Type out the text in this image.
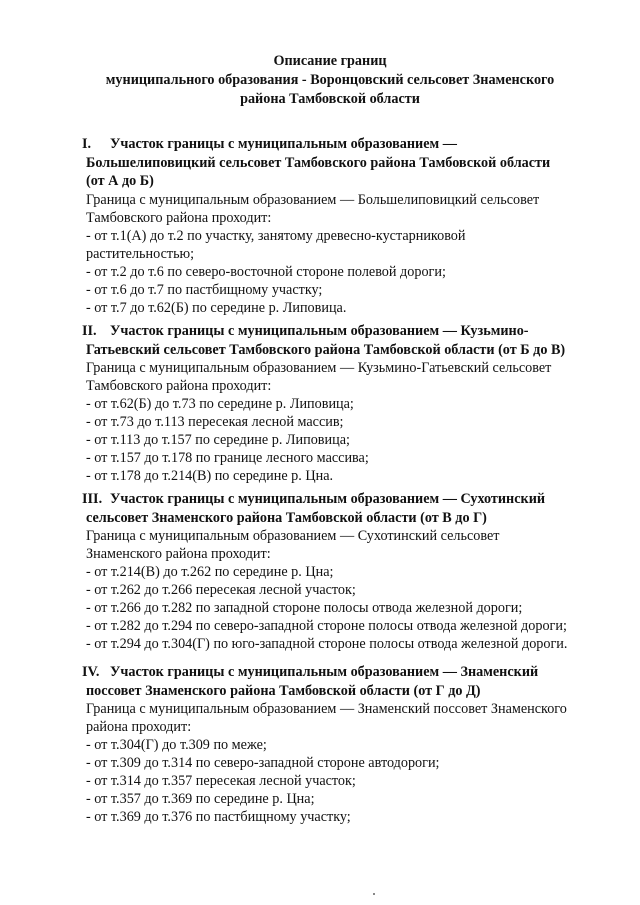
Описание границ
муниципального образования - Воронцовский сельсовет Знаменского
района Тамбовской области
I. Участок границы с муниципальным образованием —
Большелиповицкий сельсовет Тамбовского района Тамбовской области
(от А до Б)
Граница с муниципальным образованием — Большелиповицкий сельсовет
Тамбовского района проходит:
- от т.1(А) до т.2 по участку, занятому древесно-кустарниковой
растительностью;
- от т.2 до т.6 по северо-восточной стороне полевой дороги;
- от т.6 до т.7 по пастбищному участку;
- от т.7 до т.62(Б) по середине р. Липовица.
II. Участок границы с муниципальным образованием — Кузьмино-
Гатьевский сельсовет Тамбовского района Тамбовской области (от Б до В)
Граница с муниципальным образованием — Кузьмино-Гатьевский сельсовет
Тамбовского района проходит:
- от т.62(Б) до т.73 по середине р. Липовица;
- от т.73 до т.113 пересекая лесной массив;
- от т.113 до т.157 по середине р. Липовица;
- от т.157 до т.178 по границе лесного массива;
- от т.178 до т.214(В) по середине р. Цна.
III. Участок границы с муниципальным образованием — Сухотинский
сельсовет Знаменского района Тамбовской области (от В до Г)
Граница с муниципальным образованием — Сухотинский сельсовет
Знаменского района проходит:
- от т.214(В) до т.262 по середине р. Цна;
- от т.262 до т.266 пересекая лесной участок;
- от т.266 до т.282 по западной стороне полосы отвода железной дороги;
- от т.282 до т.294 по северо-западной стороне полосы отвода железной дороги;
- от т.294 до т.304(Г) по юго-западной стороне полосы отвода железной дороги.
IV. Участок границы с муниципальным образованием — Знаменский
поссовет Знаменского района Тамбовской области (от Г до Д)
Граница с муниципальным образованием — Знаменский поссовет Знаменского
района проходит:
- от т.304(Г) до т.309 по меже;
- от т.309 до т.314 по северо-западной стороне автодороги;
- от т.314 до т.357 пересекая лесной участок;
- от т.357 до т.369 по середине р. Цна;
- от т.369 до т.376 по пастбищному участку;
